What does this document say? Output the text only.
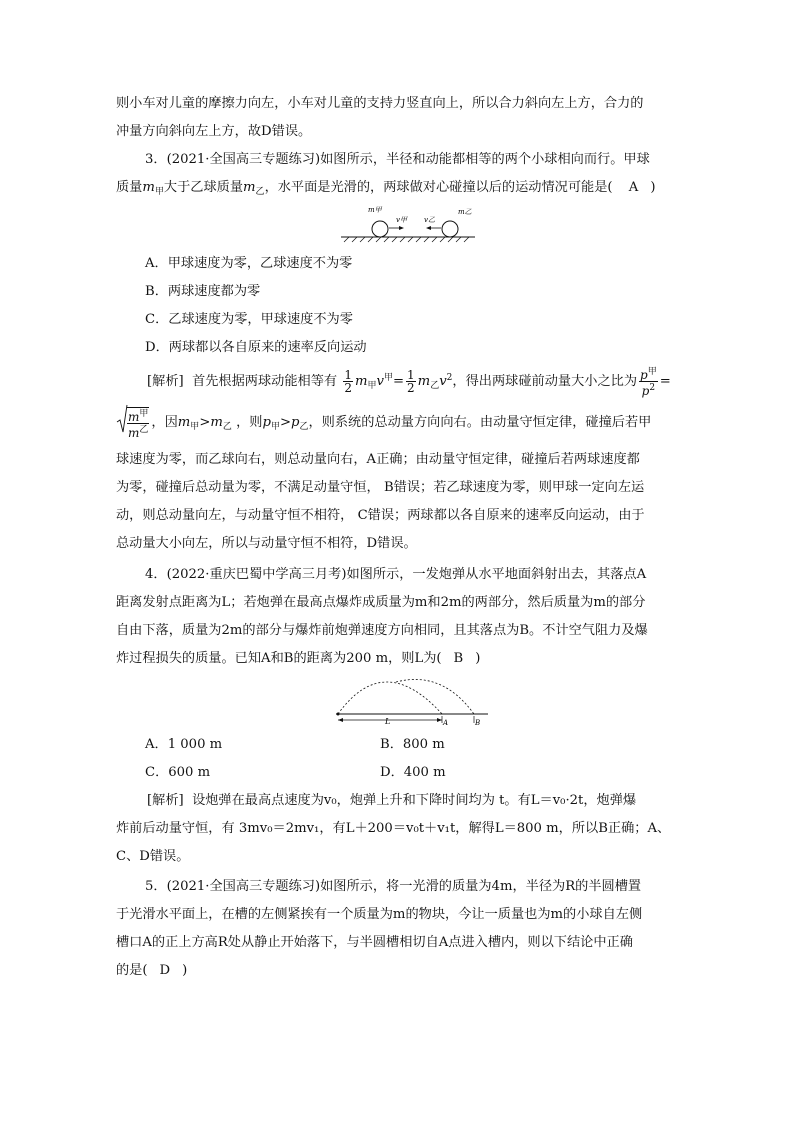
则小车对儿童的摩擦力向左，小车对儿童的支持力竖直向上，所以合力斜向左上方，合力的
冲量方向斜向左上方，故D错误。
3．(2021·全国高三专题练习)如图所示，半径和动能都相等的两个小球相向而行。甲球
质量$m_甲$大于乙球质量$m_乙$，水平面是光滑的，两球做对心碰撞以后的运动情况可能是( A )
m甲
v甲 v乙
m乙
A．甲球速度为零，乙球速度不为零
B．两球速度都为零
C．乙球速度为零，甲球速度不为零
D．两球都以各自原来的速率反向运动
[解析] 首先根据两球动能相等有 $\frac{1}{2} m_甲v^甲= \frac{1}{2} m_乙v^2$，得出两球碰前动量大小之比为 $\frac{p^甲}{p^2}$ =
$\frac{m^甲}{m^乙}$ ，因$m_甲>m_乙$ ，则$p_甲>p_乙$，则系统的总动量方向向右。由动量守恒定律，碰撞后若甲
球速度为零，而乙球向右，则总动量向右，A正确；由动量守恒定律，碰撞后若两球速度都
为零，碰撞后总动量为零，不满足动量守恒， B错误；若乙球速度为零，则甲球一定向左运
动，则总动量向左，与动量守恒不相符， C错误；两球都以各自原来的速率反向运动，由于
总动量大小向左，所以与动量守恒不相符，D错误。
4．(2022·重庆巴蜀中学高三月考)如图所示，一发炮弹从水平地面斜射出去，其落点A
距离发射点距离为L；若炮弹在最高点爆炸成质量为m和2m的两部分，然后质量为m的部分
自由下落，质量为2m的部分与爆炸前炮弹速度方向相同，且其落点为B。不计空气阻力及爆
炸过程损失的质量。已知A和B的距离为200 m，则L为( B )
L	A	B
A．1 000 m	B．800 m
C．600 m	D．400 m
[解析] 设炮弹在最高点速度为v₀，炮弹上升和下降时间均为 t。有L＝v₀·2t，炮弹爆
炸前后动量守恒，有 3mv₀＝2mv₁，有L＋200＝v₀t＋v₁t，解得L＝800 m，所以B正确；A、
C、D错误。
5．(2021·全国高三专题练习)如图所示，将一光滑的质量为4m，半径为R的半圆槽置
于光滑水平面上，在槽的左侧紧挨有一个质量为m的物块，今让一质量也为m的小球自左侧
槽口A的正上方高R处从静止开始落下，与半圆槽相切自A点进入槽内，则以下结论中正确
的是( D )
